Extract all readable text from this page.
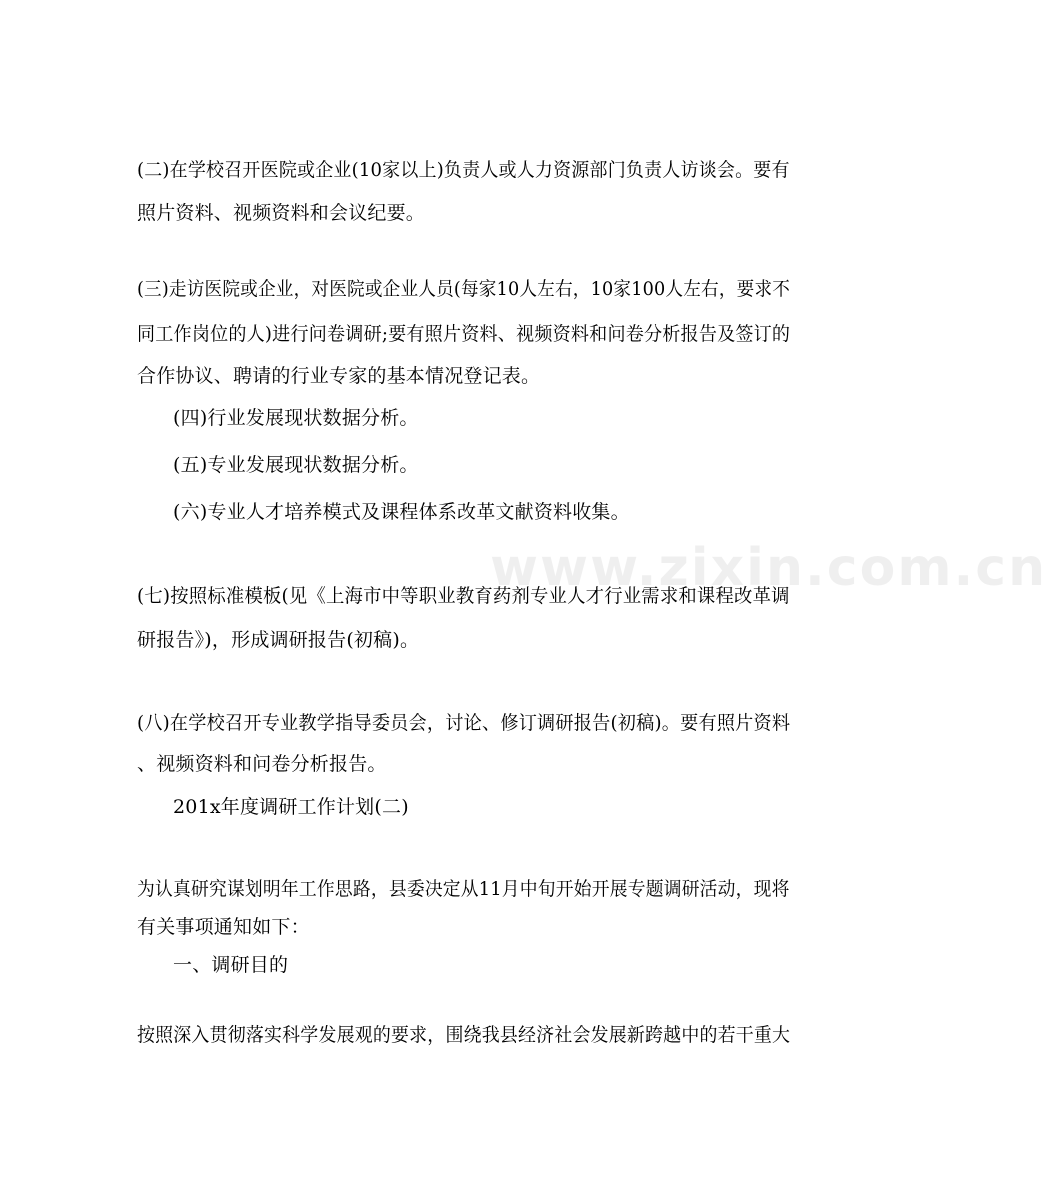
www.zixin.com.cn
(二)在学校召开医院或企业(10家以上)负责人或人力资源部门负责人访谈会。要有
照片资料、视频资料和会议纪要。
(三)走访医院或企业，对医院或企业人员(每家10人左右，10家100人左右，要求不
同工作岗位的人)进行问卷调研;要有照片资料、视频资料和问卷分析报告及签订的
合作协议、聘请的行业专家的基本情况登记表。
(四)行业发展现状数据分析。
(五)专业发展现状数据分析。
(六)专业人才培养模式及课程体系改革文献资料收集。
(七)按照标准模板(见《上海市中等职业教育药剂专业人才行业需求和课程改革调
研报告》)，形成调研报告(初稿)。
(八)在学校召开专业教学指导委员会，讨论、修订调研报告(初稿)。要有照片资料
、视频资料和问卷分析报告。
201x年度调研工作计划(二)
为认真研究谋划明年工作思路，县委决定从11月中旬开始开展专题调研活动，现将
有关事项通知如下：
一、调研目的
按照深入贯彻落实科学发展观的要求，围绕我县经济社会发展新跨越中的若干重大
